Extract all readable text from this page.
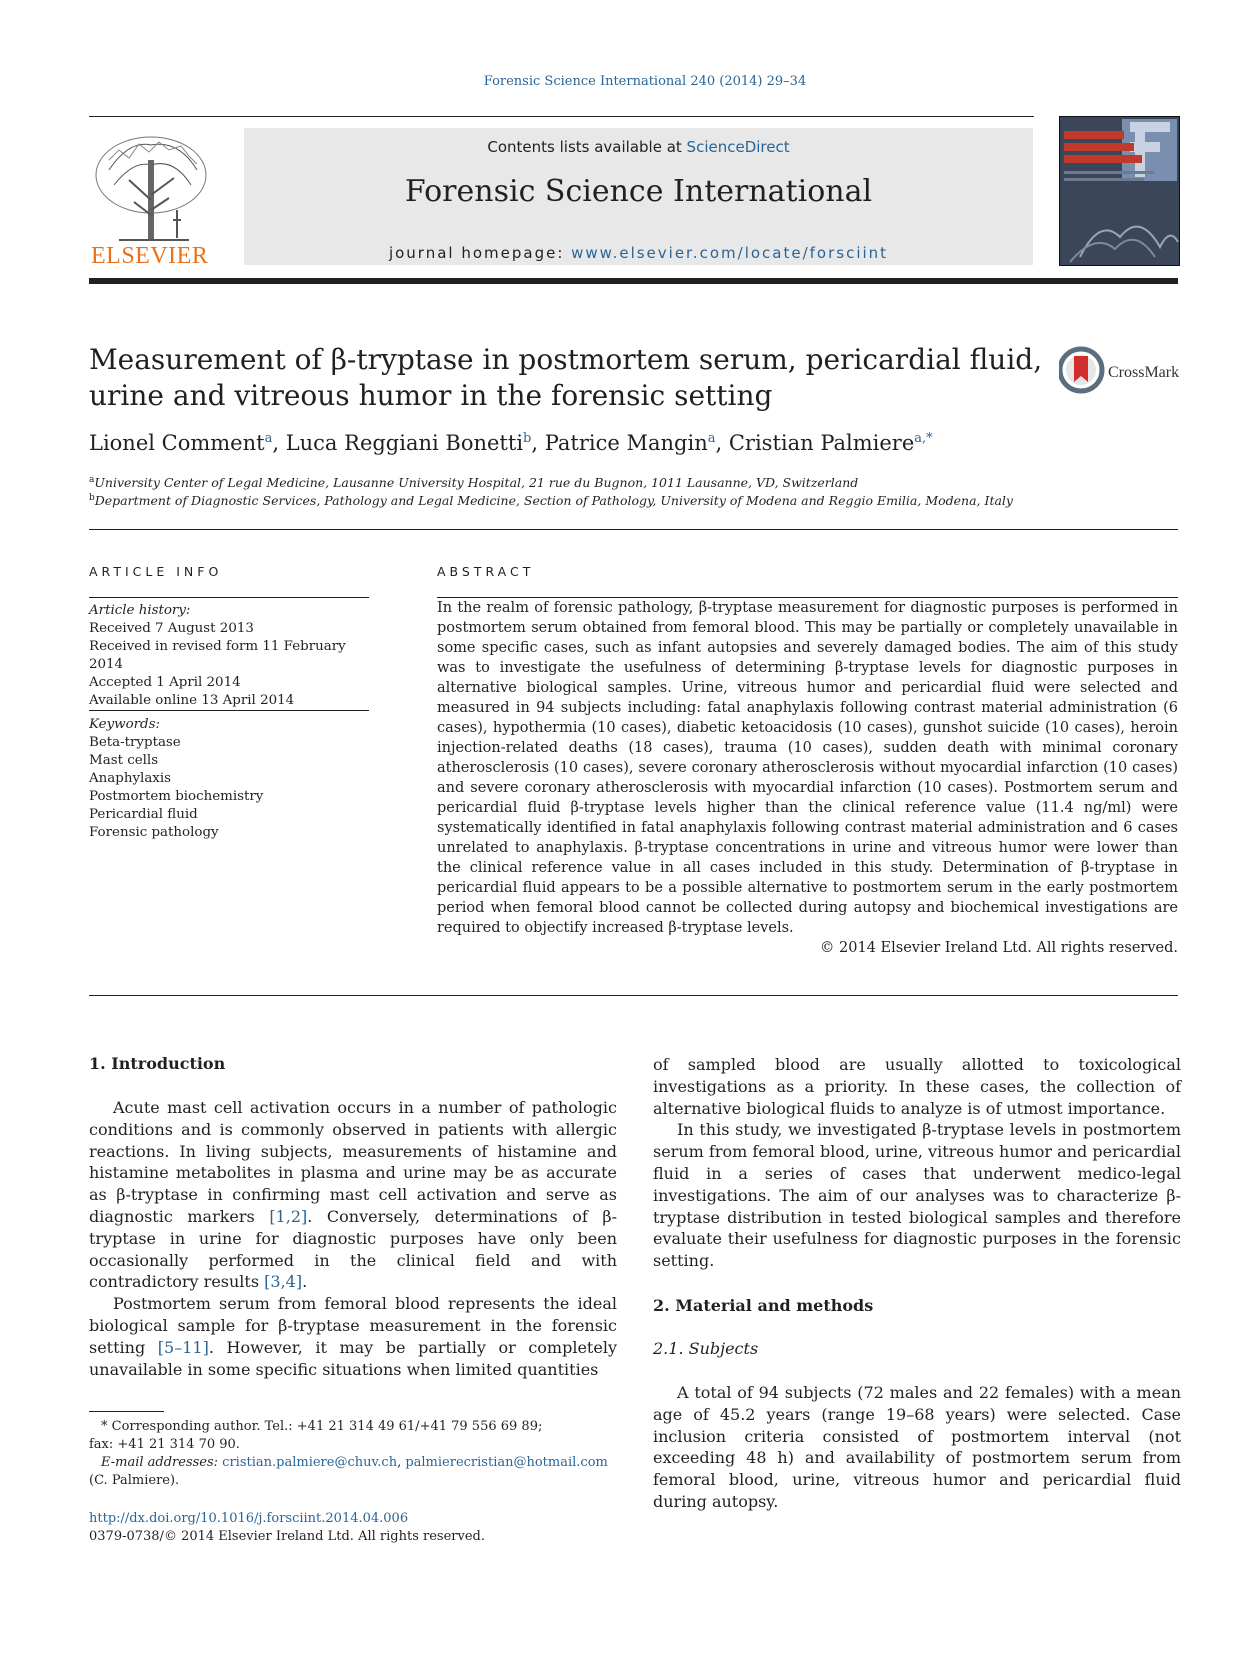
Forensic Science International 240 (2014) 29–34
ELSEVIER
Contents lists available at ScienceDirect
Forensic Science International
journal homepage: www.elsevier.com/locate/forsciint
Measurement of β-tryptase in postmortem serum, pericardial fluid,
urine and vitreous humor in the forensic setting
CrossMark
Lionel Comment$^a$, Luca Reggiani Bonetti$^b$, Patrice Mangin$^a$, Cristian Palmiere$^{a,*}$
$^a$University Center of Legal Medicine, Lausanne University Hospital, 21 rue du Bugnon, 1011 Lausanne, VD, Switzerland
$^b$Department of Diagnostic Services, Pathology and Legal Medicine, Section of Pathology, University of Modena and Reggio Emilia, Modena, Italy
ARTICLE INFO
Article history:
Received 7 August 2013
Received in revised form 11 February 2014
Accepted 1 April 2014
Available online 13 April 2014
Keywords:
Beta-tryptase
Mast cells
Anaphylaxis
Postmortem biochemistry
Pericardial fluid
Forensic pathology
ABSTRACT
In the realm of forensic pathology, β-tryptase measurement for diagnostic purposes is performed in postmortem serum obtained from femoral blood. This may be partially or completely unavailable in some specific cases, such as infant autopsies and severely damaged bodies. The aim of this study was to investigate the usefulness of determining β-tryptase levels for diagnostic purposes in alternative biological samples. Urine, vitreous humor and pericardial fluid were selected and measured in 94 subjects including: fatal anaphylaxis following contrast material administration (6 cases), hypothermia (10 cases), diabetic ketoacidosis (10 cases), gunshot suicide (10 cases), heroin injection-related deaths (18 cases), trauma (10 cases), sudden death with minimal coronary atherosclerosis (10 cases), severe coronary atherosclerosis without myocardial infarction (10 cases) and severe coronary atherosclerosis with myocardial infarction (10 cases). Postmortem serum and pericardial fluid β-tryptase levels higher than the clinical reference value (11.4 ng/ml) were systematically identified in fatal anaphylaxis following contrast material administration and 6 cases unrelated to anaphylaxis. β-tryptase concentrations in urine and vitreous humor were lower than the clinical reference value in all cases included in this study. Determination of β-tryptase in pericardial fluid appears to be a possible alternative to postmortem serum in the early postmortem period when femoral blood cannot be collected during autopsy and biochemical investigations are required to objectify increased β-tryptase levels.
© 2014 Elsevier Ireland Ltd. All rights reserved.
1. Introduction

Acute mast cell activation occurs in a number of pathologic conditions and is commonly observed in patients with allergic reactions. In living subjects, measurements of histamine and histamine metabolites in plasma and urine may be as accurate as β-tryptase in confirming mast cell activation and serve as diagnostic markers [1,2]. Conversely, determinations of β-tryptase in urine for diagnostic purposes have only been occasionally performed in the clinical field and with contradictory results [3,4].

Postmortem serum from femoral blood represents the ideal biological sample for β-tryptase measurement in the forensic setting [5–11]. However, it may be partially or completely unavailable in some specific situations when limited quantities

* Corresponding author. Tel.: +41 21 314 49 61/+41 79 556 69 89;
fax: +41 21 314 70 90.
E-mail addresses: cristian.palmiere@chuv.ch, palmierecristian@hotmail.com
(C. Palmiere).
http://dx.doi.org/10.1016/j.forsciint.2014.04.006
0379-0738/© 2014 Elsevier Ireland Ltd. All rights reserved.

of sampled blood are usually allotted to toxicological investigations as a priority. In these cases, the collection of alternative biological fluids to analyze is of utmost importance.

In this study, we investigated β-tryptase levels in postmortem serum from femoral blood, urine, vitreous humor and pericardial fluid in a series of cases that underwent medico-legal investigations. The aim of our analyses was to characterize β-tryptase distribution in tested biological samples and therefore evaluate their usefulness for diagnostic purposes in the forensic setting.

2. Material and methods
2.1. Subjects

A total of 94 subjects (72 males and 22 females) with a mean age of 45.2 years (range 19–68 years) were selected. Case inclusion criteria consisted of postmortem interval (not exceeding 48 h) and availability of postmortem serum from femoral blood, urine, vitreous humor and pericardial fluid during autopsy.
